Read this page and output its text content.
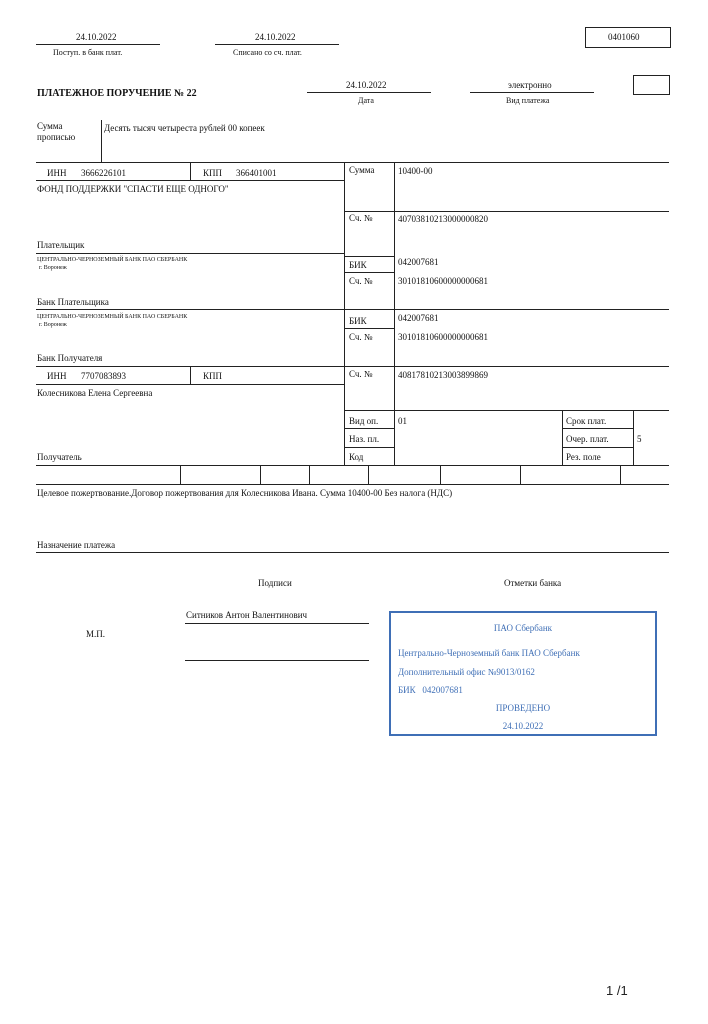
24.10.2022
Поступ. в банк плат.
24.10.2022
Списано со сч. плат.
0401060
ПЛАТЕЖНОЕ ПОРУЧЕНИЕ № 22
24.10.2022
Дата
электронно
Вид платежа
Сумма
прописью
Десять тысяч четыреста рублей 00 копеек
ИНН 3666226101	КПП 366401001
ФОНД ПОДДЕРЖКИ "СПАСТИ ЕЩЕ ОДНОГО"
Плательщик
Сумма	10400-00
Сч. №	40703810213000000820
ЦЕНТРАЛЬНО-ЧЕРНОЗЕМНЫЙ БАНК ПАО СБЕРБАНК
г. Воронеж
Банк Плательщика
БИК	042007681
Сч. №	30101810600000000681
ЦЕНТРАЛЬНО-ЧЕРНОЗЕМНЫЙ БАНК ПАО СБЕРБАНК
г. Воронеж
Банк Получателя
БИК	042007681
Сч. №	30101810600000000681
ИНН 7707083893	КПП
Колесникова Елена Сергеевна
Сч. №	40817810213003899869
Вид оп. 01
Наз. пл.
Код
Срок плат.
Очер. плат.	5
Рез. поле
Получатель
Целевое пожертвование.Договор пожертвования для Колесникова Ивана. Сумма 10400-00 Без налога (НДС)
Назначение платежа
Подписи	Отметки банка
Ситников Антон Валентинович
М.П.
ПАО Сбербанк
Центрально-Черноземный банк ПАО Сбербанк
Дополнительный офис №9013/0162
БИК   042007681
ПРОВЕДЕНО
24.10.2022
1 /1
